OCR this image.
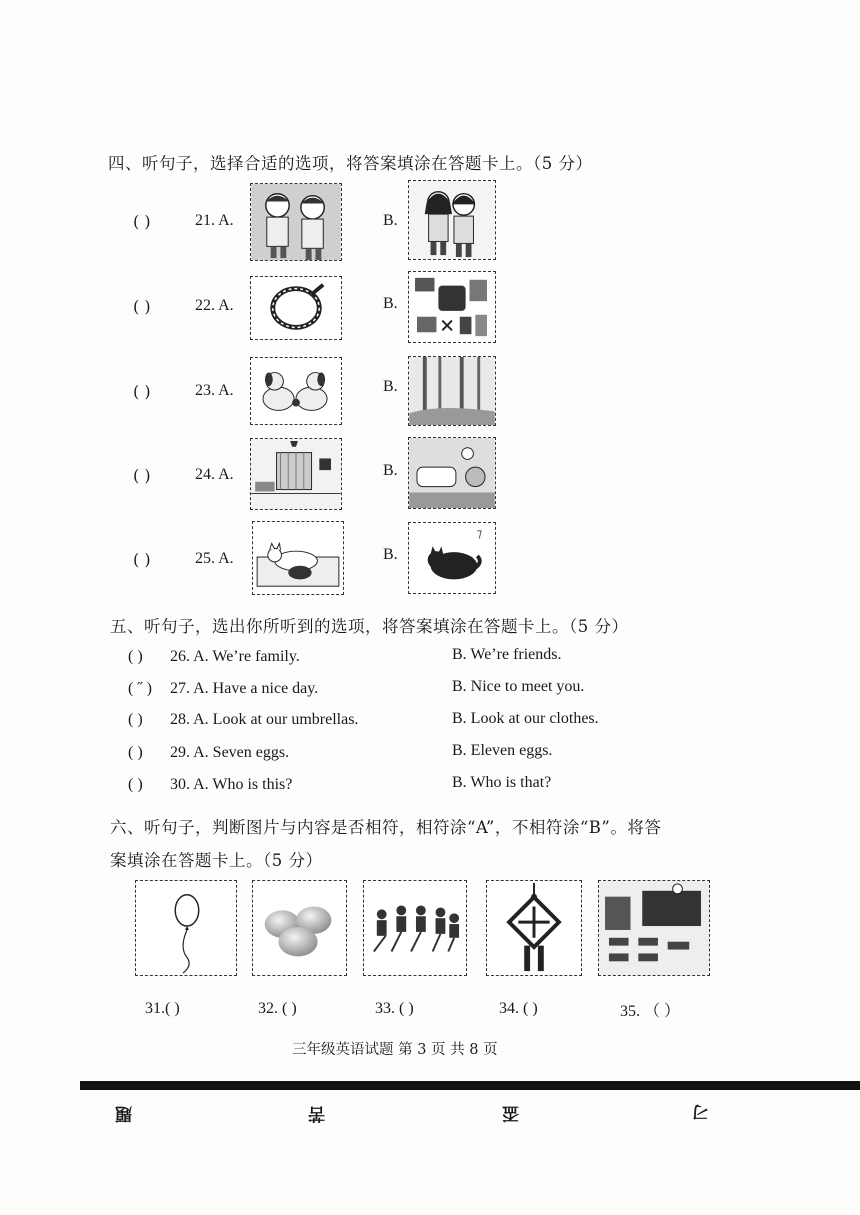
四、听句子，选择合适的选项，将答案填涂在答题卡上。（5 分）
( )	21. A.	B.
( )	22. A.	B.
( )	23. A.	B.
( )	24. A.	B.
( )	25. A.	B.
五、听句子，选出你所听到的选项，将答案填涂在答题卡上。（5 分）
( ) 26. A. We’re family.	B. We’re friends.
( ˝ ) 27. A. Have a nice day.	B. Nice to meet you.
( ) 28. A. Look at our umbrellas.	B. Look at our clothes.
( ) 29. A. Seven eggs.	B. Eleven eggs.
( ) 30. A. Who is this?	B. Who is that?
六、听句子，判断图片与内容是否相符，相符涂“A”，不相符涂“B”。将答
案填涂在答题卡上。（5 分）
31.( )	32. ( )	33. ( )	34. ( )	35. （ ）
三年级英语试题 第 3 页 共 8 页
題	苦	盃	刁
